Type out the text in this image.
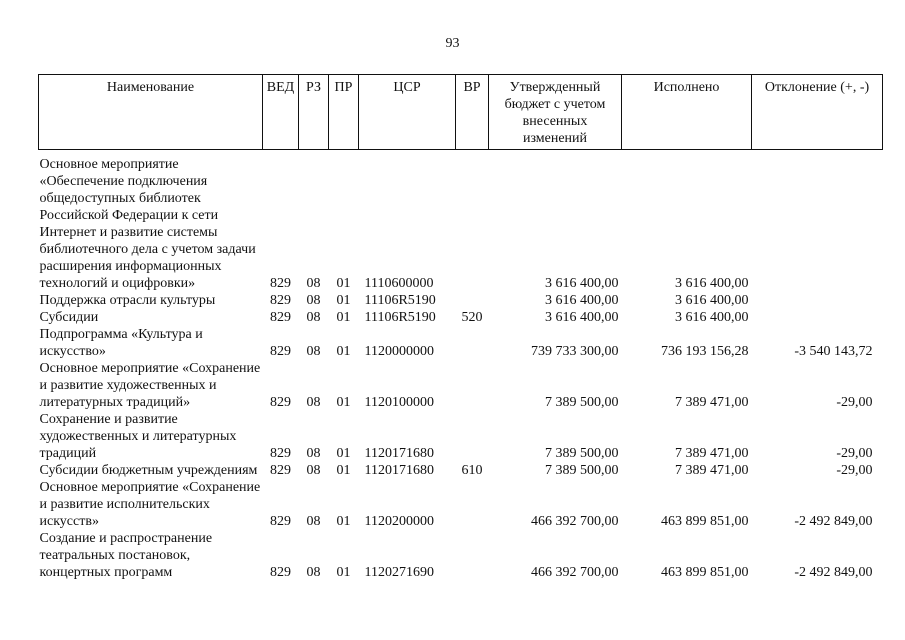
93
Наименование	ВЕД	РЗ	ПР	ЦСР	ВР	Утвержденный бюджет с учетом внесенных изменений	Исполнено	Отклонение (+, -)

Основное мероприятие «Обеспечение подключения общедоступных библиотек Российской Федерации к сети Интернет и развитие системы библиотечного дела с учетом задачи расширения информационных технологий и оцифровки»	829	08	01	1110600000		3 616 400,00	3 616 400,00	
Поддержка отрасли культуры	829	08	01	11106R5190		3 616 400,00	3 616 400,00	
Субсидии	829	08	01	11106R5190	520	3 616 400,00	3 616 400,00	
Подпрограмма «Культура и искусство»	829	08	01	1120000000		739 733 300,00	736 193 156,28	-3 540 143,72
Основное мероприятие «Сохранение и развитие художественных и литературных традиций»	829	08	01	1120100000		7 389 500,00	7 389 471,00	-29,00
Сохранение и развитие художественных и литературных традиций	829	08	01	1120171680		7 389 500,00	7 389 471,00	-29,00
Субсидии бюджетным учреждениям	829	08	01	1120171680	610	7 389 500,00	7 389 471,00	-29,00
Основное мероприятие «Сохранение и развитие исполнительских искусств»	829	08	01	1120200000		466 392 700,00	463 899 851,00	-2 492 849,00
Создание и распространение театральных постановок, концертных программ	829	08	01	1120271690		466 392 700,00	463 899 851,00	-2 492 849,00
